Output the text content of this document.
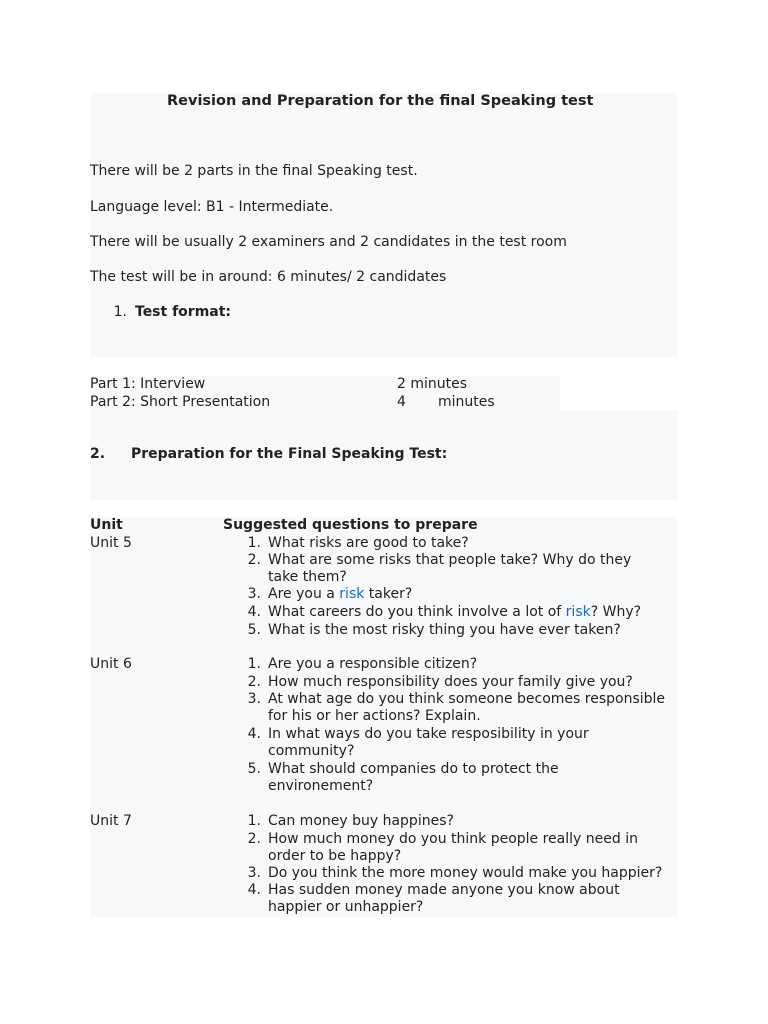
Revision and Preparation for the final Speaking test
There will be 2 parts in the final Speaking test.
Language level: B1 - Intermediate.
There will be usually 2 examiners and 2 candidates in the test room
The test will be in around: 6 minutes/ 2 candidates
1. Test format:
Part 1: Interview	2 minutes
Part 2: Short Presentation	4 minutes
2. Preparation for the Final Speaking Test:
Unit	Suggested questions to prepare
Unit 5	1. What risks are good to take?
2. What are some risks that people take? Why do they
take them?
3. Are you a risk taker?
4. What careers do you think involve a lot of risk? Why?
5. What is the most risky thing you have ever taken?
Unit 6	1. Are you a responsible citizen?
2. How much responsibility does your family give you?
3. At what age do you think someone becomes responsible
for his or her actions? Explain.
4. In what ways do you take resposibility in your
community?
5. What should companies do to protect the
environement?
Unit 7	1. Can money buy happines?
2. How much money do you think people really need in
order to be happy?
3. Do you think the more money would make you happier?
4. Has sudden money made anyone you know about
happier or unhappier?
